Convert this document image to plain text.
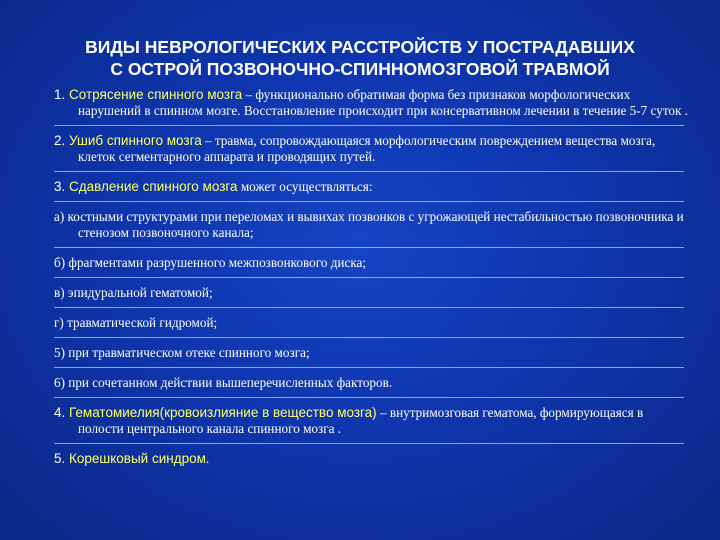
ВИДЫ НЕВРОЛОГИЧЕСКИХ РАССТРОЙСТВ У ПОСТРАДАВШИХ
С ОСТРОЙ ПОЗВОНОЧНО-СПИННОМОЗГОВОЙ ТРАВМОЙ

1. Сотрясение спинного мозга – функционально обратимая форма без признаков морфологических нарушений в спинном мозге. Восстановление происходит при консервативном лечении в течение 5-7 суток .

2. Ушиб спинного мозга – травма, сопровождающаяся морфологическим повреждением вещества мозга, клеток сегментарного аппарата и проводящих путей.

3. Сдавление спинного мозга может осуществляться:

а) костными структурами при переломах и вывихах позвонков с угрожающей нестабильностью позвоночника и стенозом позвоночного канала;

б) фрагментами разрушенного межпозвонкового диска;

в) эпидуральной гематомой;

г) травматической гидромой;

5) при травматическом отеке спинного мозга;

6) при сочетанном действии вышеперечисленных факторов.

4. Гематомиелия(кровоизлияние в вещество мозга) – внутримозговая гематома, формирующаяся в полости центрального канала спинного мозга .

5. Корешковый синдром.
